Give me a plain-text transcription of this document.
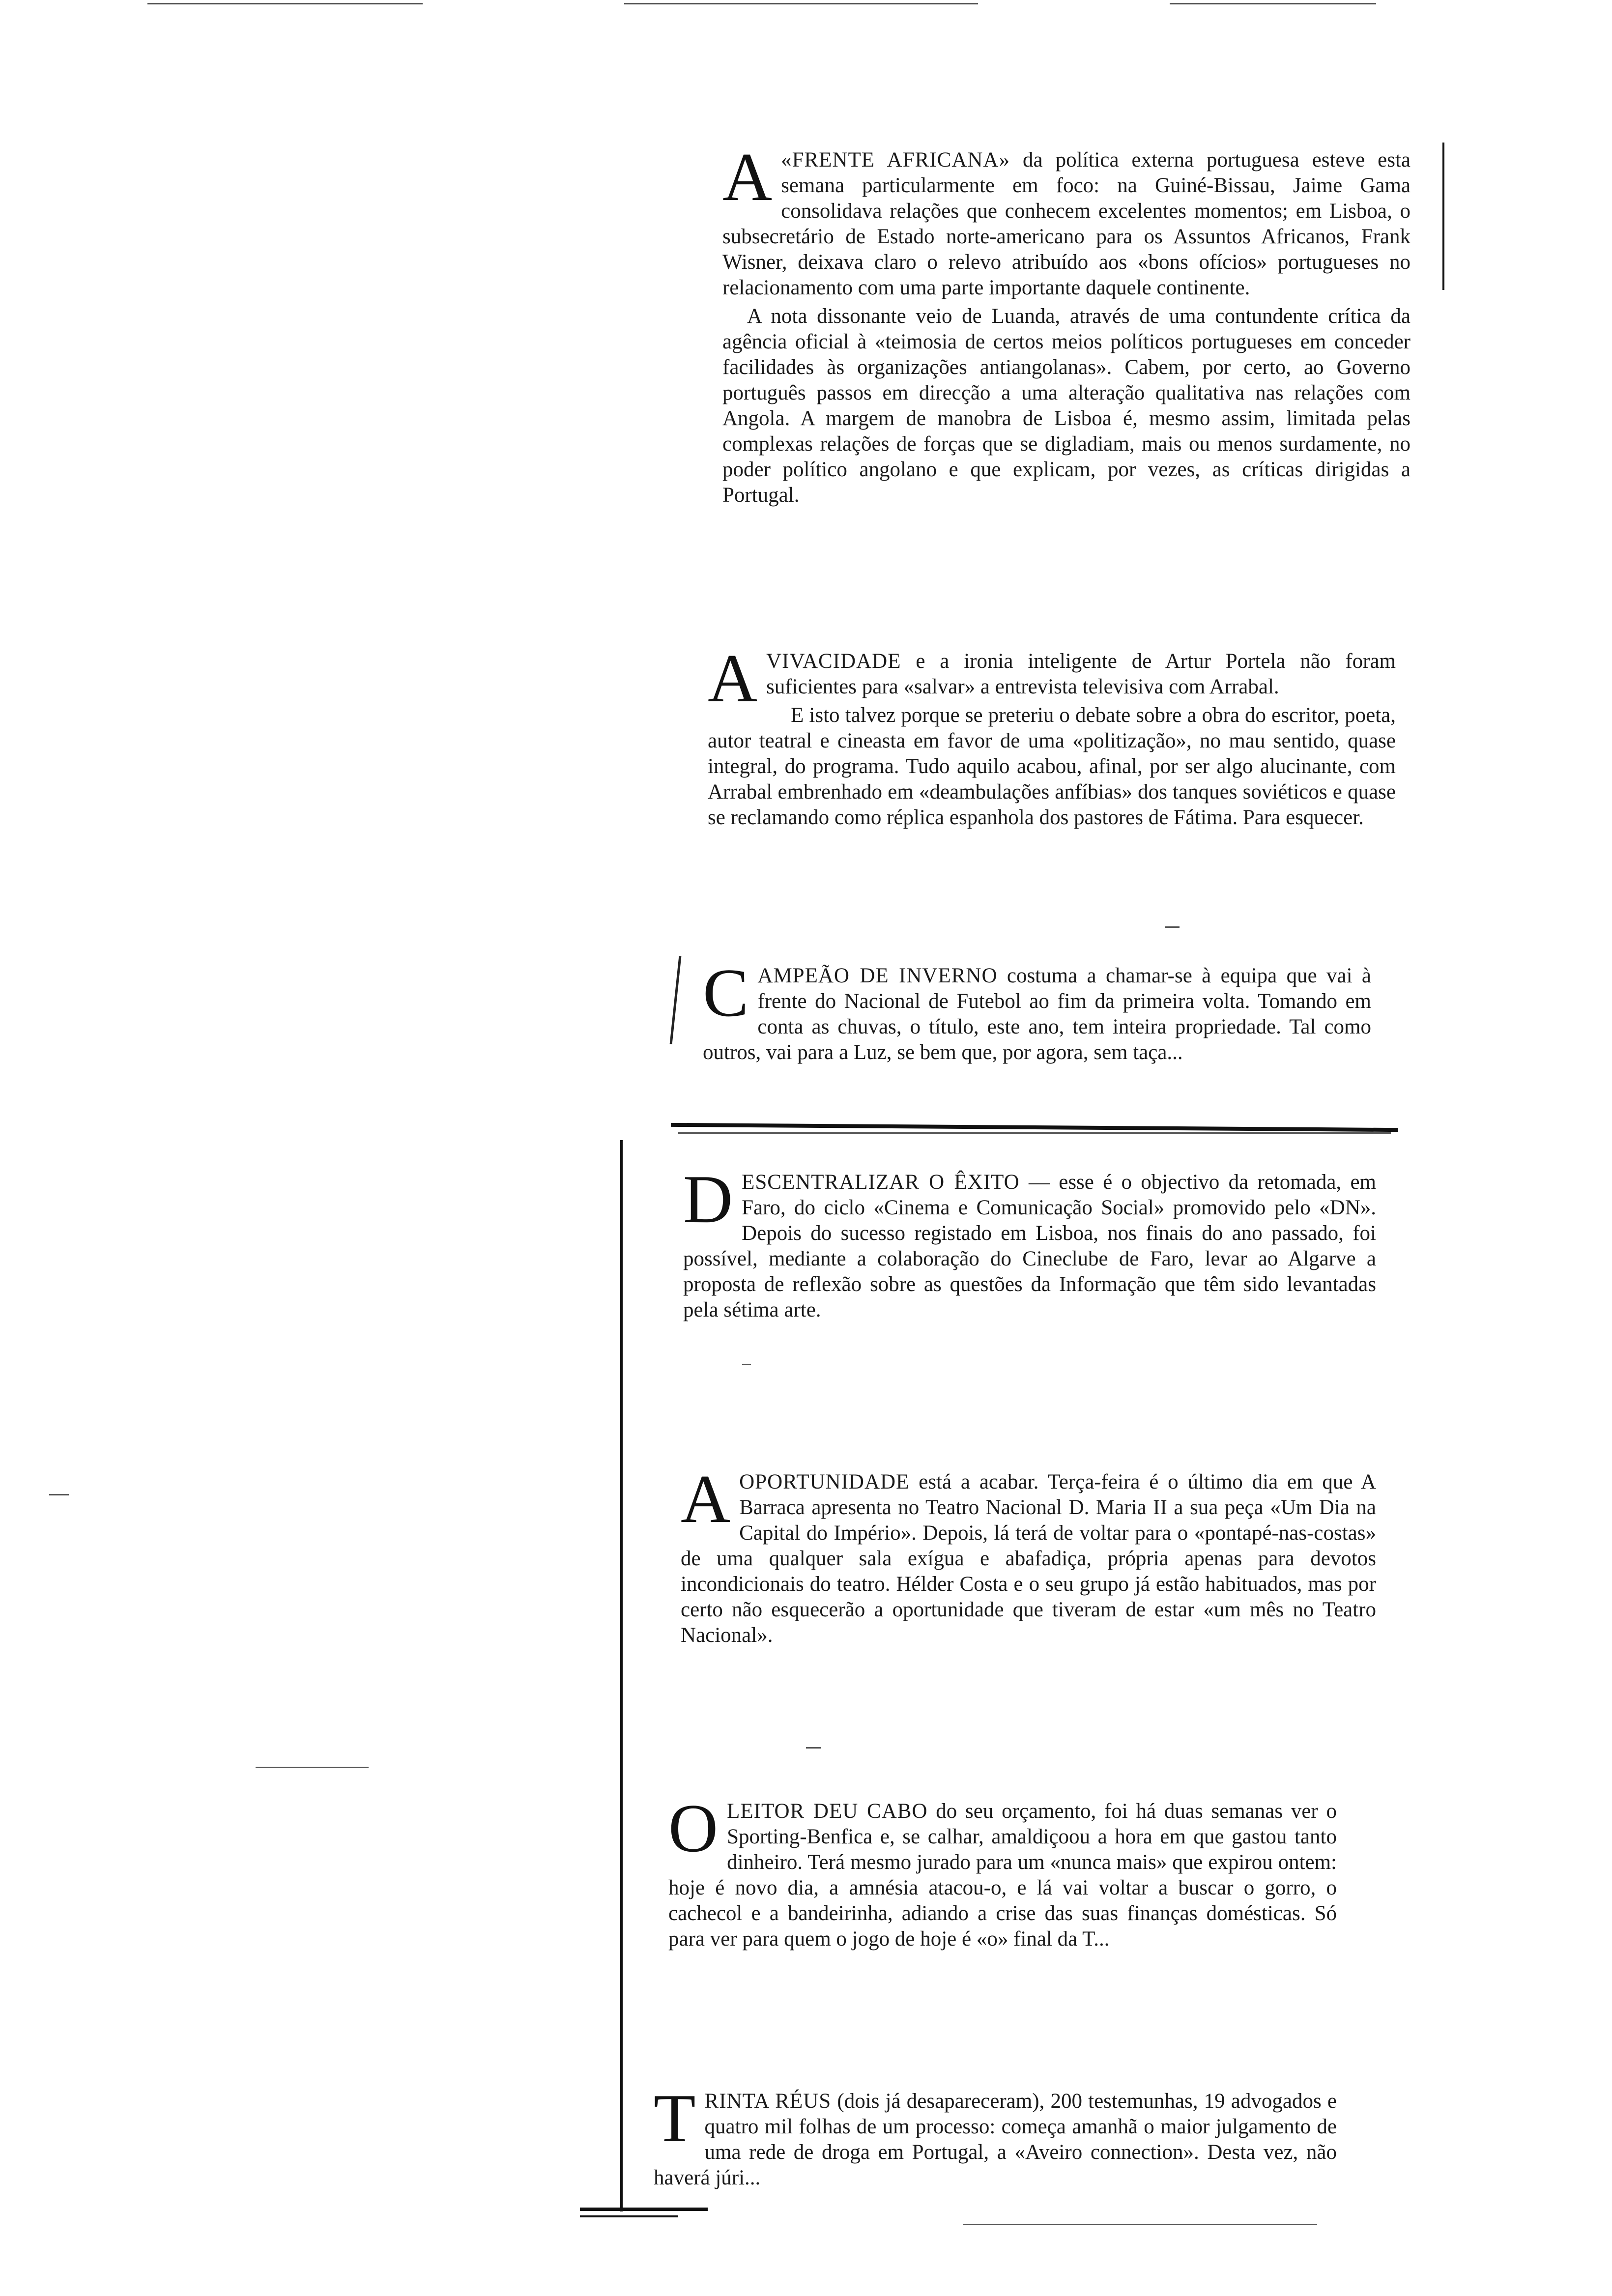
A «FRENTE AFRICANA» da política externa portuguesa esteve esta semana particularmente em foco: na Guiné-Bissau, Jaime Gama consolidava relações que conhecem excelentes momentos; em Lisboa, o subsecretário de Estado norte-americano para os Assuntos Africanos, Frank Wisner, deixava claro o relevo atribuído aos «bons ofícios» portugueses no relacionamento com uma parte importante daquele continente.

A nota dissonante veio de Luanda, através de uma contundente crítica da agência oficial à «teimosia de certos meios políticos portugueses em conceder facilidades às organizações antiangolanas». Cabem, por certo, ao Governo português passos em direcção a uma alteração qualitativa nas relações com Angola. A margem de manobra de Lisboa é, mesmo assim, limitada pelas complexas relações de forças que se digladiam, mais ou menos surdamente, no poder político angolano e que explicam, por vezes, as críticas dirigidas a Portugal.

AVIVACIDADE e a ironia inteligente de Artur Portela não foram suficientes para «salvar» a entrevista televisiva com Arrabal.

E isto talvez porque se preteriu o debate sobre a obra do escritor, poeta, autor teatral e cineasta em favor de uma «politização», no mau sentido, quase integral, do programa. Tudo aquilo acabou, afinal, por ser algo alucinante, com Arrabal embrenhado em «deambulações anfíbias» dos tanques soviéticos e quase se reclamando como réplica espanhola dos pastores de Fátima. Para esquecer.

CAMPEÃO DE INVERNO costuma a chamar-se à equipa que vai à frente do Nacional de Futebol ao fim da primeira volta. Tomando em conta as chuvas, o título, este ano, tem inteira propriedade. Tal como outros, vai para a Luz, se bem que, por agora, sem taça...

DESCENTRALIZAR O ÊXITO — esse é o objectivo da retomada, em Faro, do ciclo «Cinema e Comunicação Social» promovido pelo «DN». Depois do sucesso registado em Lisboa, nos finais do ano passado, foi possível, mediante a colaboração do Cineclube de Faro, levar ao Algarve a proposta de reflexão sobre as questões da Informação que têm sido levantadas pela sétima arte.

AOPORTUNIDADE está a acabar. Terça-feira é o último dia em que A Barraca apresenta no Teatro Nacional D. Maria II a sua peça «Um Dia na Capital do Império». Depois, lá terá de voltar para o «pontapé-nas-costas» de uma qualquer sala exígua e abafadiça, própria apenas para devotos incondicionais do teatro. Hélder Costa e o seu grupo já estão habituados, mas por certo não esquecerão a oportunidade que tiveram de estar «um mês no Teatro Nacional».

OLEITOR DEU CABO do seu orçamento, foi há duas semanas ver o Sporting-Benfica e, se calhar, amaldiçoou a hora em que gastou tanto dinheiro. Terá mesmo jurado para um «nunca mais» que expirou ontem: hoje é novo dia, a amnésia atacou-o, e lá vai voltar a buscar o gorro, o cachecol e a bandeirinha, adiando a crise das suas finanças domésticas. Só para ver para quem o jogo de hoje é «o» final da T...

TRINTA RÉUS (dois já desapareceram), 200 testemunhas, 19 advogados e quatro mil folhas de um processo: começa amanhã o maior julgamento de uma rede de droga em Portugal, a «Aveiro connection». Desta vez, não haverá júri...
